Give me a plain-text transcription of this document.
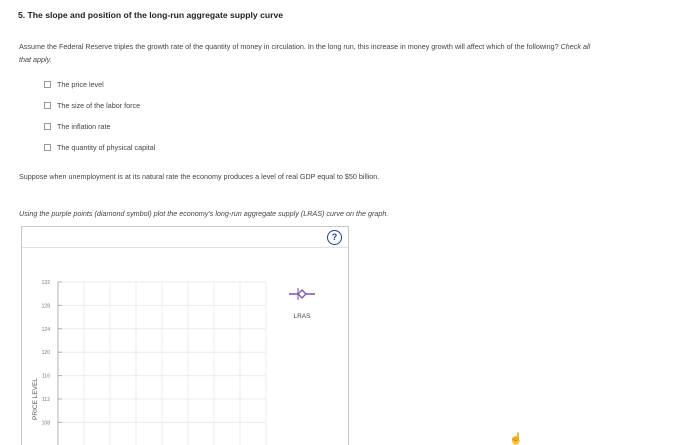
5. The slope and position of the long-run aggregate supply curve
Assume the Federal Reserve triples the growth rate of the quantity of money in circulation. In the long run, this increase in money growth will affect which of the following? Check all that apply.
The price level
The size of the labor force
The inflation rate
The quantity of physical capital
Suppose when unemployment is at its natural rate the economy produces a level of real GDP equal to $50 billion.
Using the purple points (diamond symbol) plot the economy's long-run aggregate supply (LRAS) curve on the graph.
?
132
128
124
120
116
112
108
PRICE LEVEL
LRAS
☝
